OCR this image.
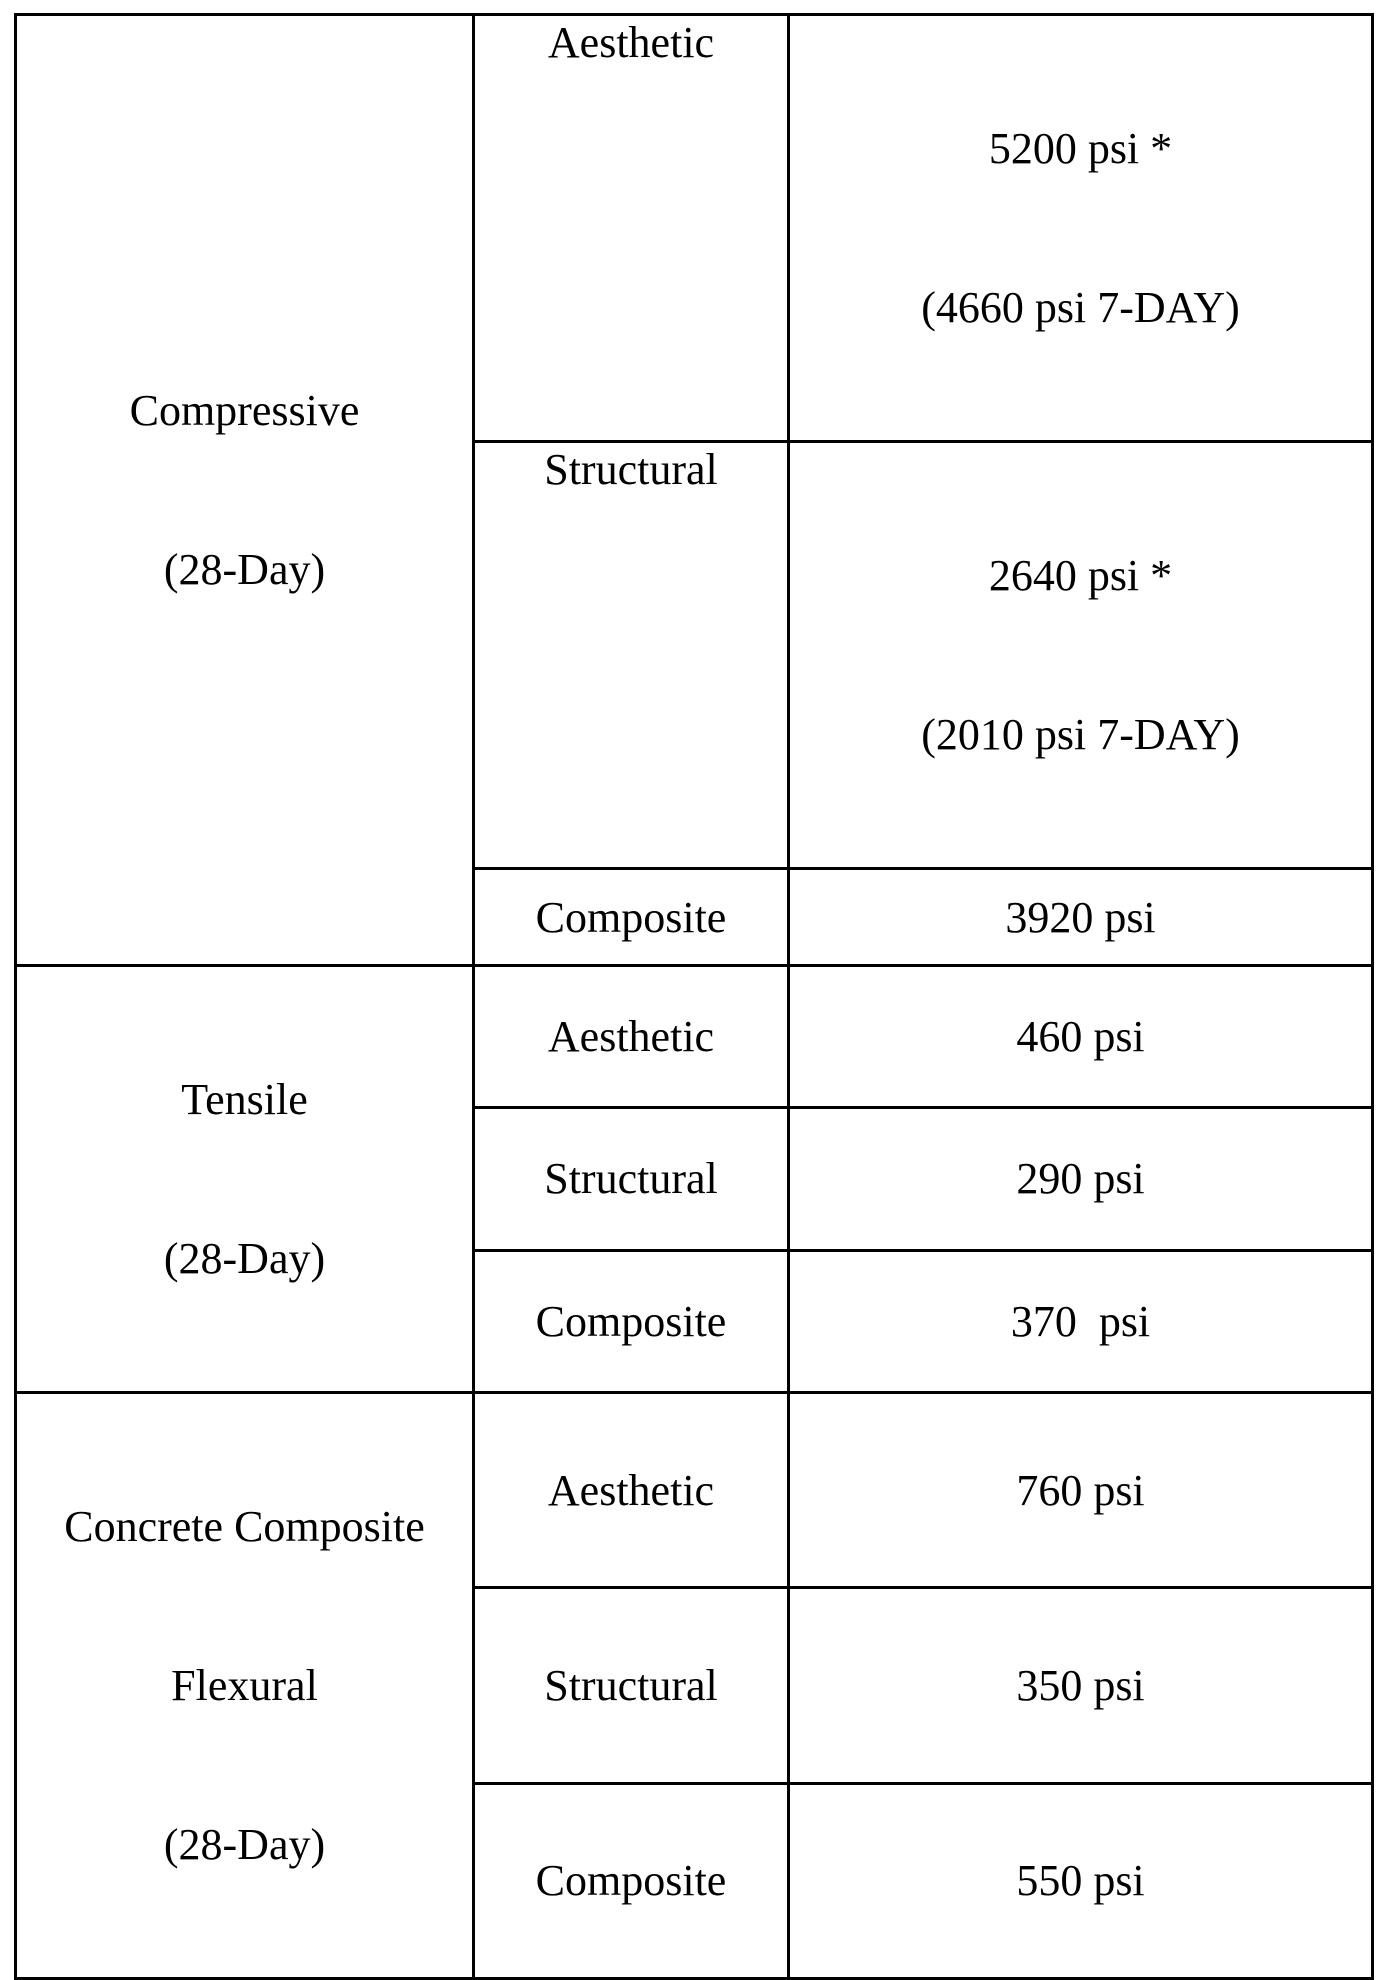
Compressive

(28-Day)	Aesthetic	5200 psi *

(4660 psi 7-DAY)

	Structural	2640 psi *

(2010 psi 7-DAY)

	Composite	3920 psi

Tensile

(28-Day)	Aesthetic	460 psi
	Structural	290 psi
	Composite	370  psi

Concrete Composite

Flexural

(28-Day)	Aesthetic	760 psi
	Structural	350 psi
	Composite	550 psi
